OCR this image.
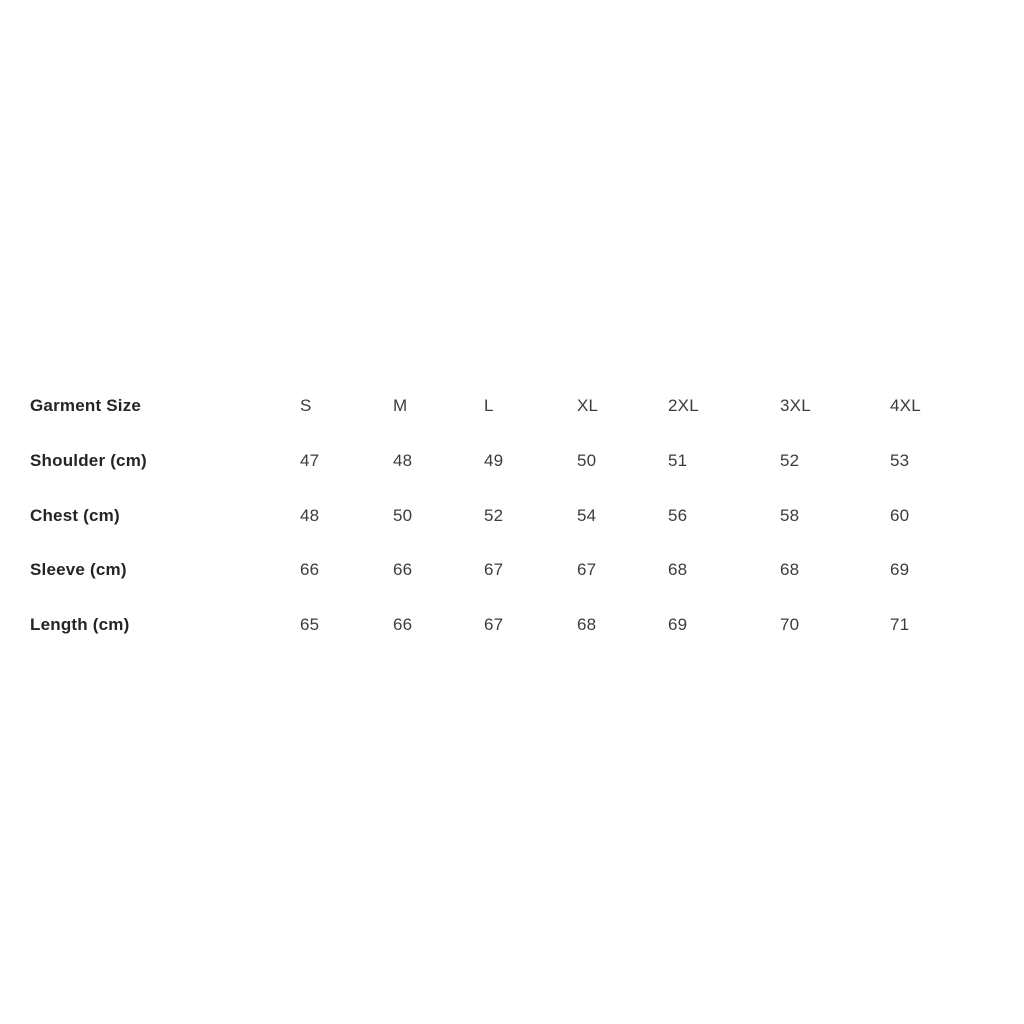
Garment Size	S	M	L	XL	2XL	3XL	4XL
Shoulder (cm)	47	48	49	50	51	52	53
Chest (cm)	48	50	52	54	56	58	60
Sleeve (cm)	66	66	67	67	68	68	69
Length (cm)	65	66	67	68	69	70	71
